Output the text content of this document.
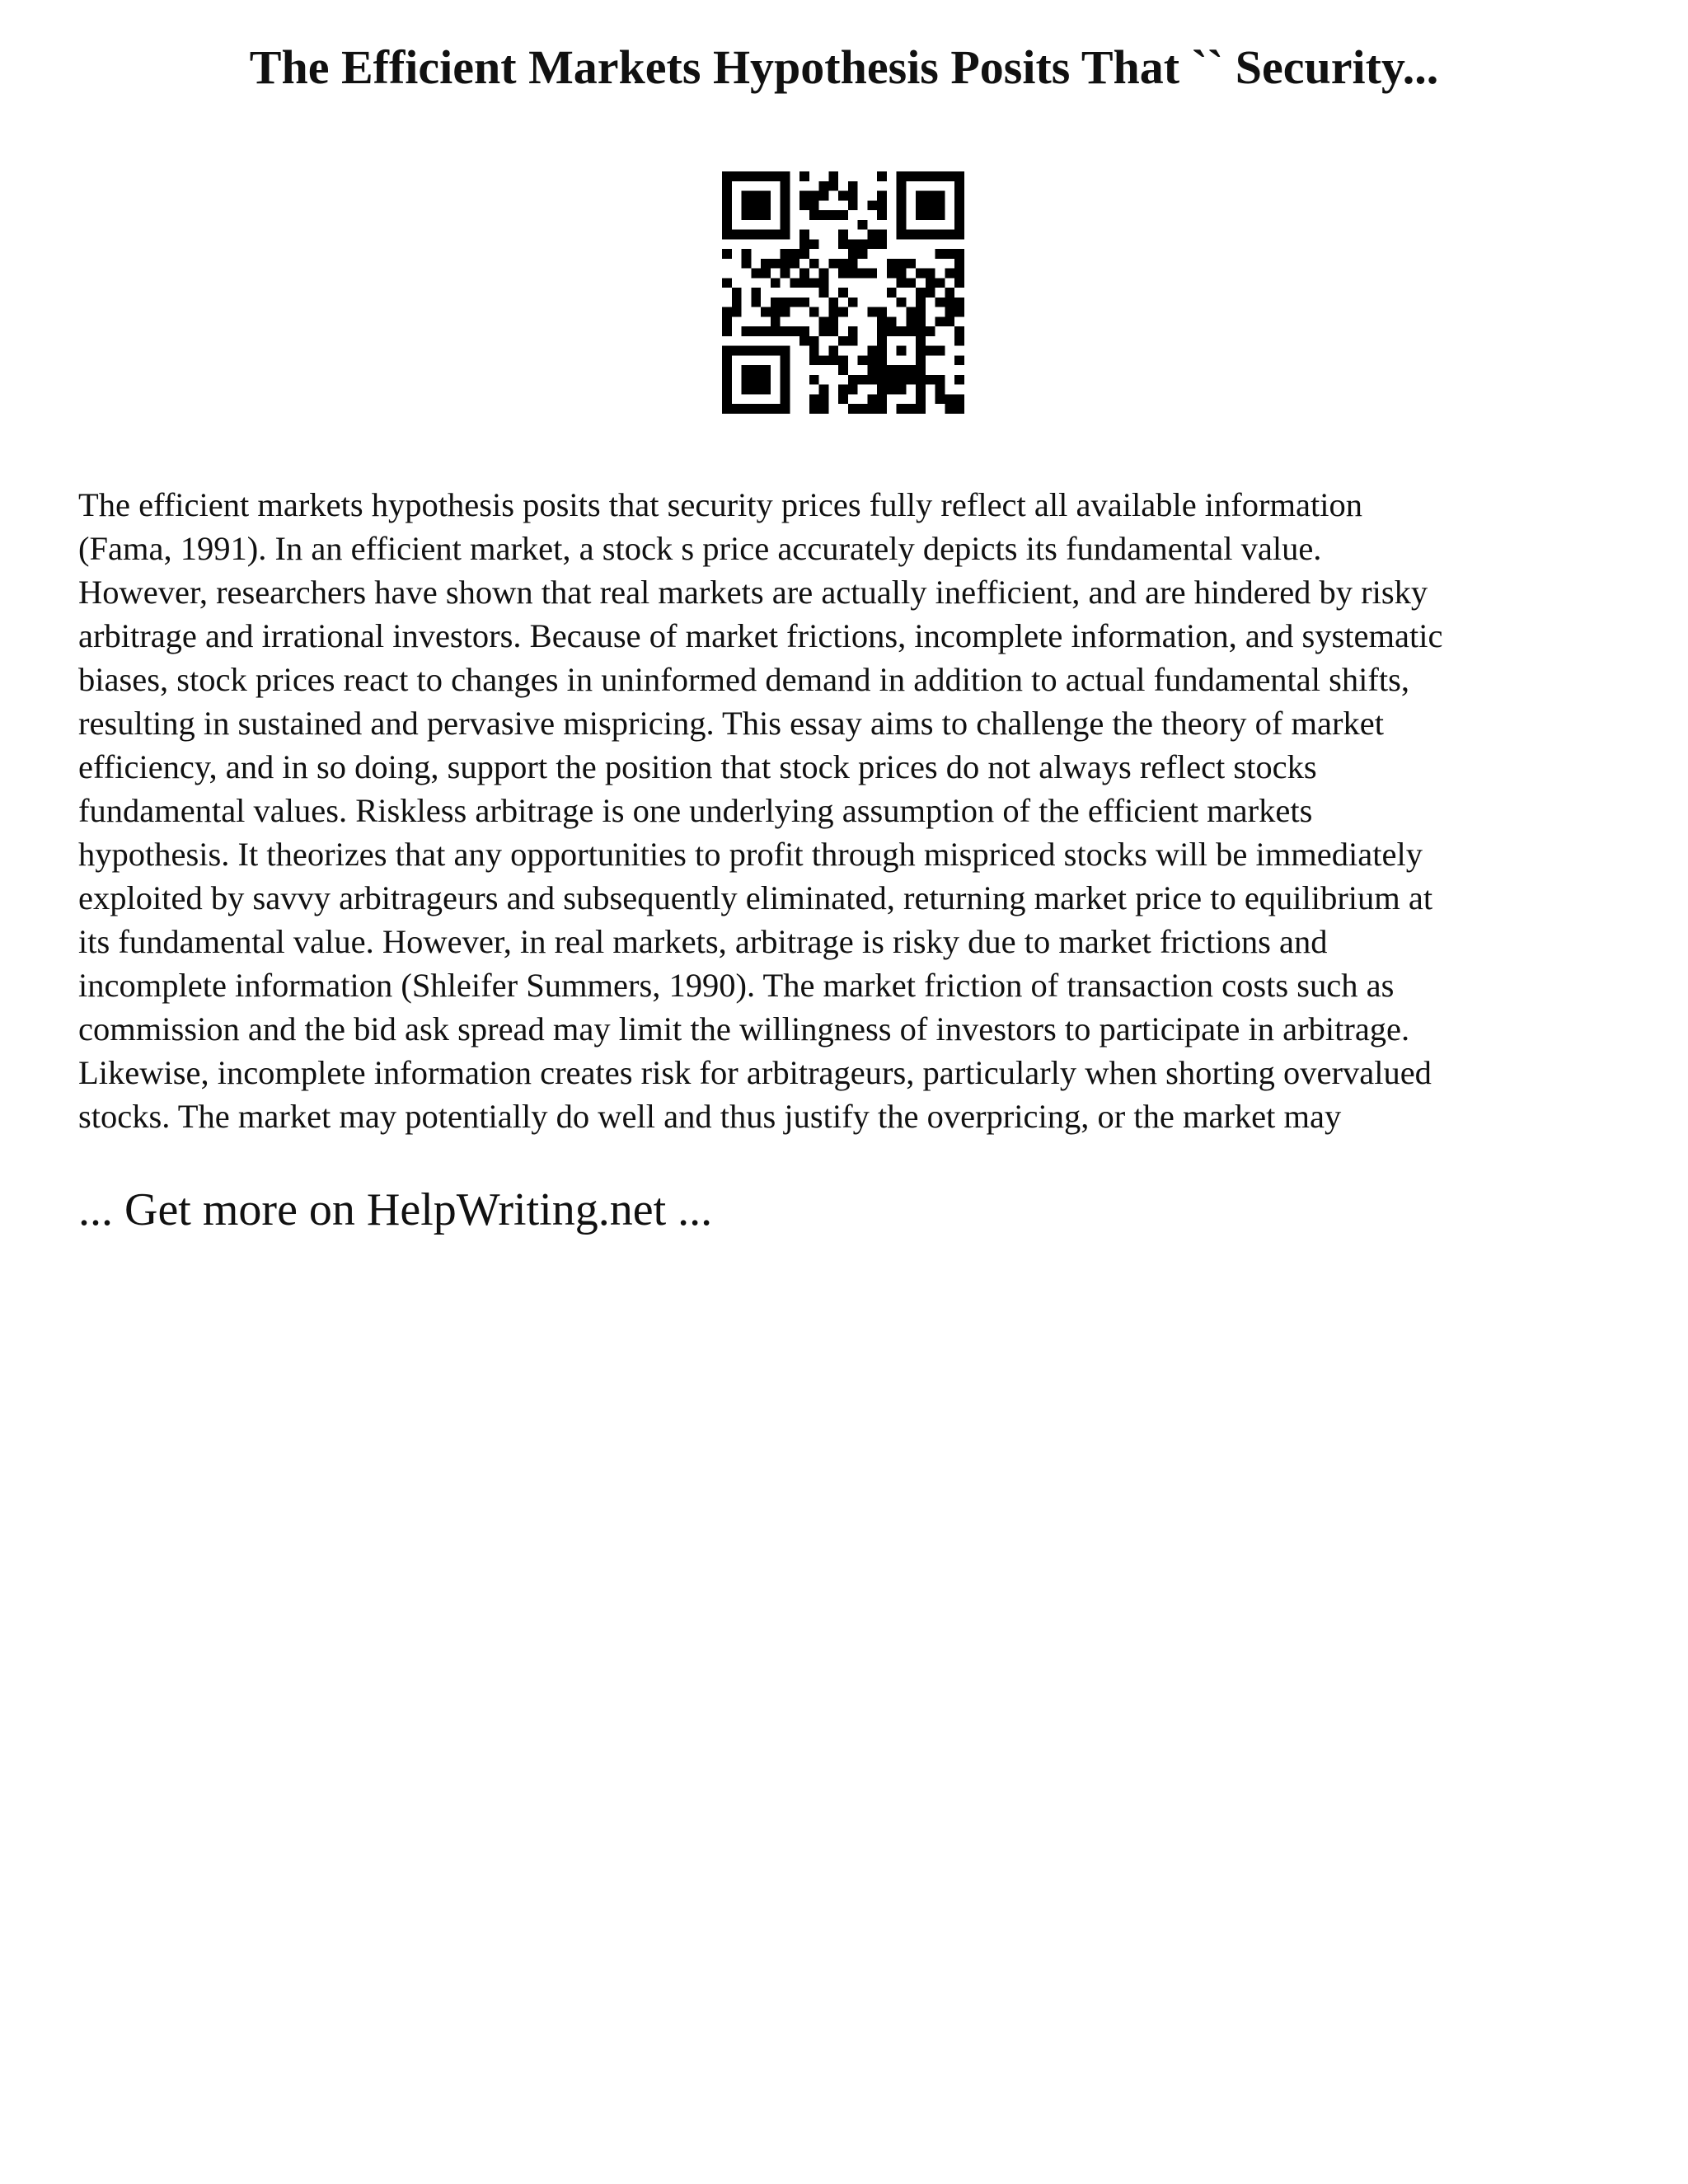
The Efficient Markets Hypothesis Posits That `` Security...

The efficient markets hypothesis posits that security prices fully reflect all available information
(Fama, 1991). In an efficient market, a stock s price accurately depicts its fundamental value.
However, researchers have shown that real markets are actually inefficient, and are hindered by risky
arbitrage and irrational investors. Because of market frictions, incomplete information, and systematic
biases, stock prices react to changes in uninformed demand in addition to actual fundamental shifts,
resulting in sustained and pervasive mispricing. This essay aims to challenge the theory of market
efficiency, and in so doing, support the position that stock prices do not always reflect stocks
fundamental values. Riskless arbitrage is one underlying assumption of the efficient markets
hypothesis. It theorizes that any opportunities to profit through mispriced stocks will be immediately
exploited by savvy arbitrageurs and subsequently eliminated, returning market price to equilibrium at
its fundamental value. However, in real markets, arbitrage is risky due to market frictions and
incomplete information (Shleifer Summers, 1990). The market friction of transaction costs such as
commission and the bid ask spread may limit the willingness of investors to participate in arbitrage.
Likewise, incomplete information creates risk for arbitrageurs, particularly when shorting overvalued
stocks. The market may potentially do well and thus justify the overpricing, or the market may

... Get more on HelpWriting.net ...
